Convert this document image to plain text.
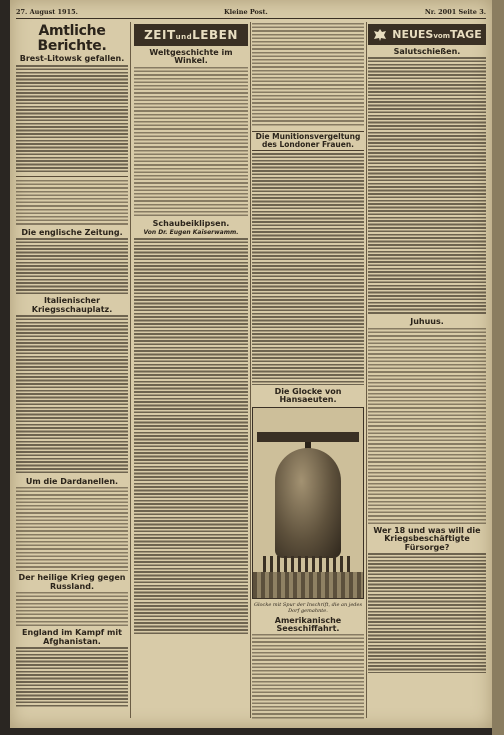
27. August 1915.	Kleine Post.	Nr. 2001 Seite 3.
Amtliche Berichte.
Brest-Litowsk gefallen.
Die englische Zeitung.
Italienischer Kriegsschauplatz.
Um die Dardanellen.
Der heilige Krieg gegen Russland.
England im Kampf mit Afghanistan.
ZEITundLEBEN
Weltgeschichte im Winkel.
Schaubeiklipsen.
Von Dr. Eugen Kaiserwamm.
Die Munitionsvergeltung des Londoner Frauen.
Die Glocke von Hansaeuten.
Glocke mit Spur der Inschrift, die an jedes Dorf gemahnte.
Amerikanische Seeschiffahrt.
NEUESvomTAGE
Salutschießen.
Juhuus.
Wer 18 und was will die Kriegsbeschäftigte Fürsorge?
